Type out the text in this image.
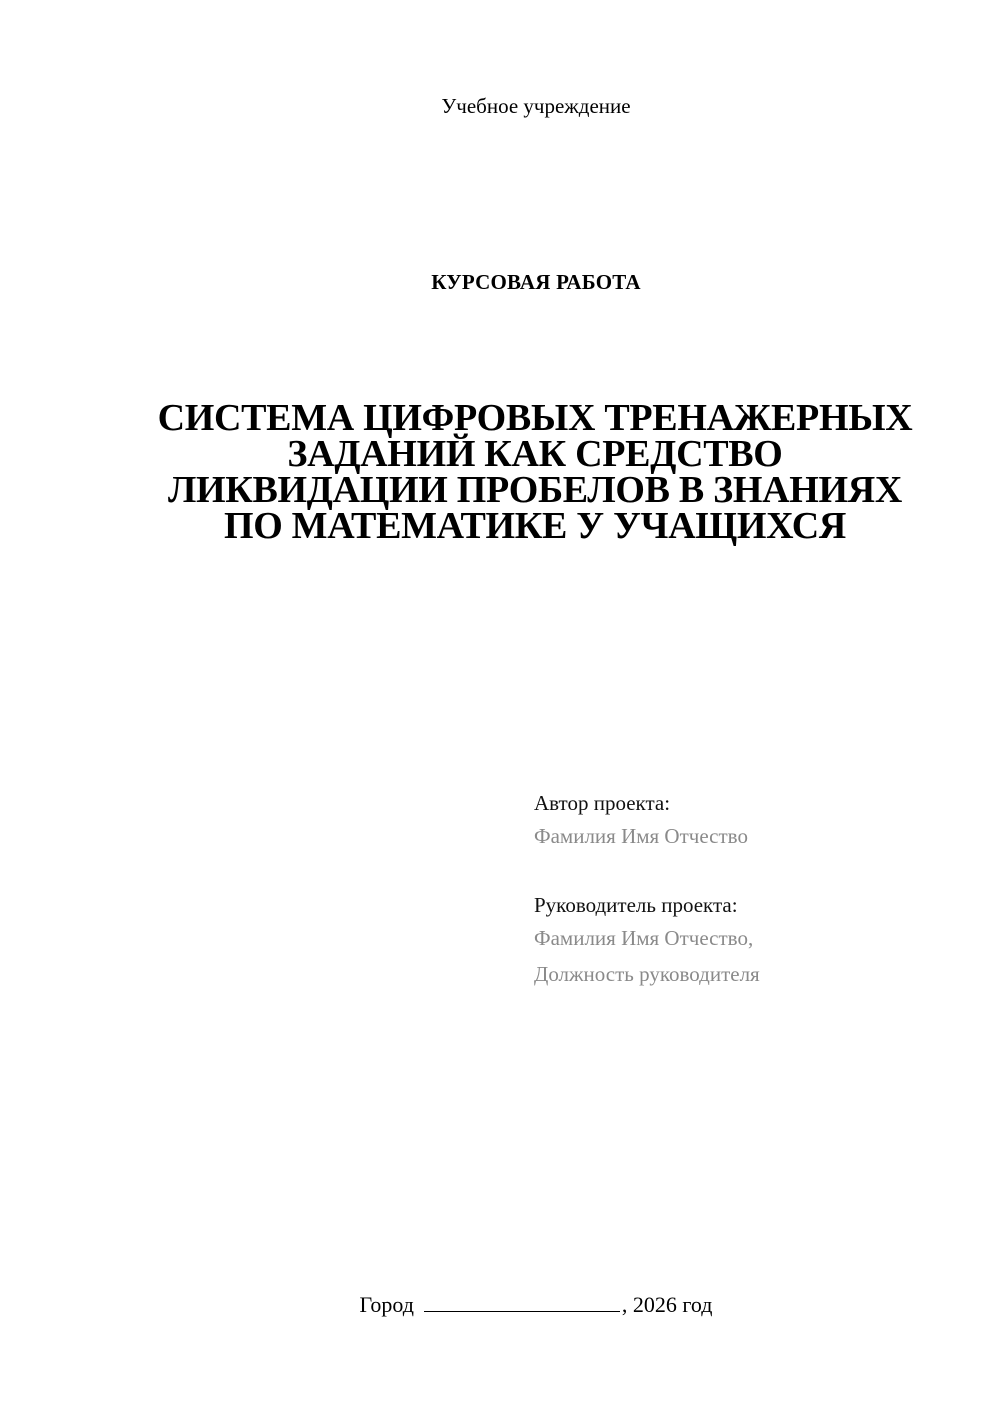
Учебное учреждение
КУРСОВАЯ РАБОТА
СИСТЕМА ЦИФРОВЫХ ТРЕНАЖЕРНЫХ
ЗАДАНИЙ КАК СРЕДСТВО
ЛИКВИДАЦИИ ПРОБЕЛОВ В ЗНАНИЯХ
ПО МАТЕМАТИКЕ У УЧАЩИХСЯ
Автор проекта:
Фамилия Имя Отчество
Руководитель проекта:
Фамилия Имя Отчество,
Должность руководителя
Город	, 2026 год
